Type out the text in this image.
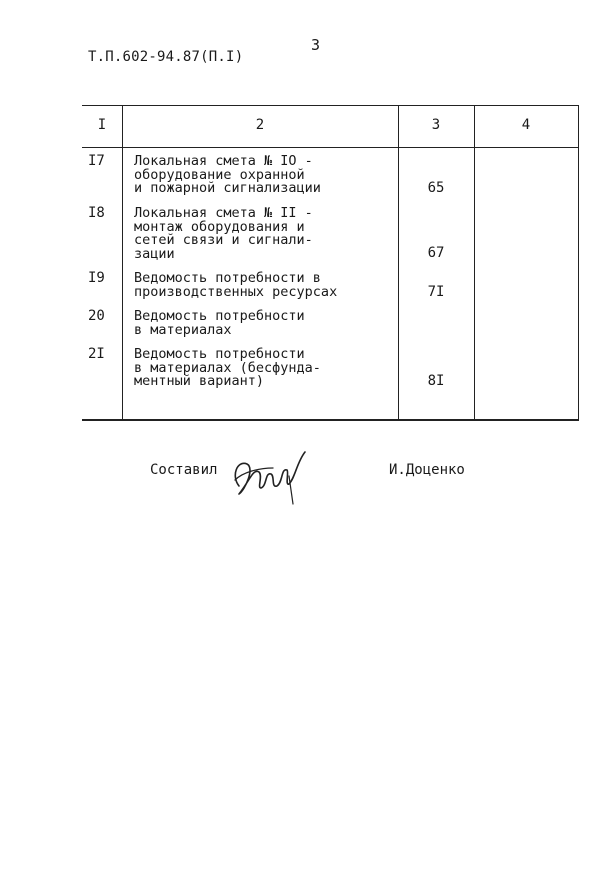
3
Т.П.602-94.87(П.I)
I	2	3	4
I7 Локальная смета № IO -
оборудование охранной
и пожарной сигнализации	65
I8 Локальная смета № II -
монтаж оборудования и
сетей связи и сигнали-
зации	67
I9 Ведомость потребности в
производственных ресурсах	7I
20 Ведомость потребности
в материалах
2I Ведомость потребности
в материалах (бесфунда-
ментный вариант)	8I
Составил	И.Доценко
